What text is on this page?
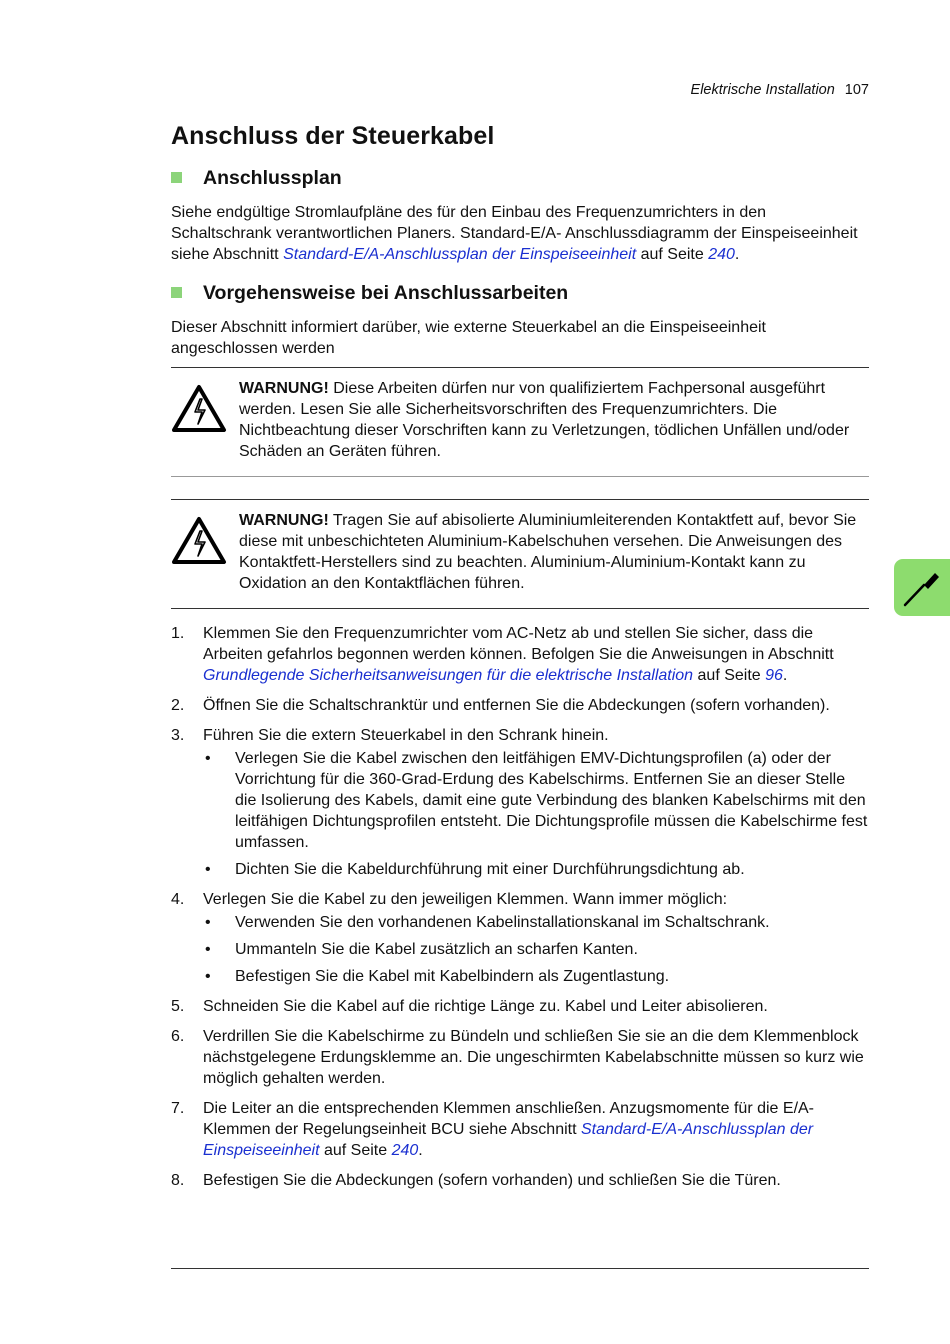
Elektrische Installation 107
Anschluss der Steuerkabel
Anschlussplan

Siehe endgültige Stromlaufpläne des für den Einbau des Frequenzumrichters in den Schaltschrank verantwortlichen Planers. Standard-E/A- Anschlussdiagramm der Einspeiseeinheit siehe Abschnitt Standard-E/A-Anschlussplan der Einspeiseeinheit auf Seite 240.

Vorgehensweise bei Anschlussarbeiten

Dieser Abschnitt informiert darüber, wie externe Steuerkabel an die Einspeiseeinheit angeschlossen werden

WARNUNG! Diese Arbeiten dürfen nur von qualifiziertem Fachpersonal ausgeführt werden. Lesen Sie alle Sicherheitsvorschriften des Frequenzumrichters. Die Nichtbeachtung dieser Vorschriften kann zu Verletzungen, tödlichen Unfällen und/oder Schäden an Geräten führen.

WARNUNG! Tragen Sie auf abisolierte Aluminiumleiterenden Kontaktfett auf, bevor Sie diese mit unbeschichteten Aluminium-Kabelschuhen versehen. Die Anweisungen des Kontaktfett-Herstellers sind zu beachten. Aluminium-Aluminium-Kontakt kann zu Oxidation an den Kontaktflächen führen.

1. Klemmen Sie den Frequenzumrichter vom AC-Netz ab und stellen Sie sicher, dass die Arbeiten gefahrlos begonnen werden können. Befolgen Sie die Anweisungen in Abschnitt Grundlegende Sicherheitsanweisungen für die elektrische Installation auf Seite 96.
2. Öffnen Sie die Schaltschranktür und entfernen Sie die Abdeckungen (sofern vorhanden).
3. Führen Sie die extern Steuerkabel in den Schrank hinein.
• Verlegen Sie die Kabel zwischen den leitfähigen EMV-Dichtungsprofilen (a) oder der Vorrichtung für die 360-Grad-Erdung des Kabelschirms. Entfernen Sie an dieser Stelle die Isolierung des Kabels, damit eine gute Verbindung des blanken Kabelschirms mit den leitfähigen Dichtungsprofilen entsteht. Die Dichtungsprofile müssen die Kabelschirme fest umfassen.
• Dichten Sie die Kabeldurchführung mit einer Durchführungsdichtung ab.
4. Verlegen Sie die Kabel zu den jeweiligen Klemmen. Wann immer möglich:
• Verwenden Sie den vorhandenen Kabelinstallationskanal im Schaltschrank.
• Ummanteln Sie die Kabel zusätzlich an scharfen Kanten.
• Befestigen Sie die Kabel mit Kabelbindern als Zugentlastung.
5. Schneiden Sie die Kabel auf die richtige Länge zu. Kabel und Leiter abisolieren.
6. Verdrillen Sie die Kabelschirme zu Bündeln und schließen Sie sie an die dem Klemmenblock nächstgelegene Erdungsklemme an. Die ungeschirmten Kabelabschnitte müssen so kurz wie möglich gehalten werden.
7. Die Leiter an die entsprechenden Klemmen anschließen. Anzugsmomente für die E/A-Klemmen der Regelungseinheit BCU siehe Abschnitt Standard-E/A-Anschlussplan der Einspeiseeinheit auf Seite 240.
8. Befestigen Sie die Abdeckungen (sofern vorhanden) und schließen Sie die Türen.
